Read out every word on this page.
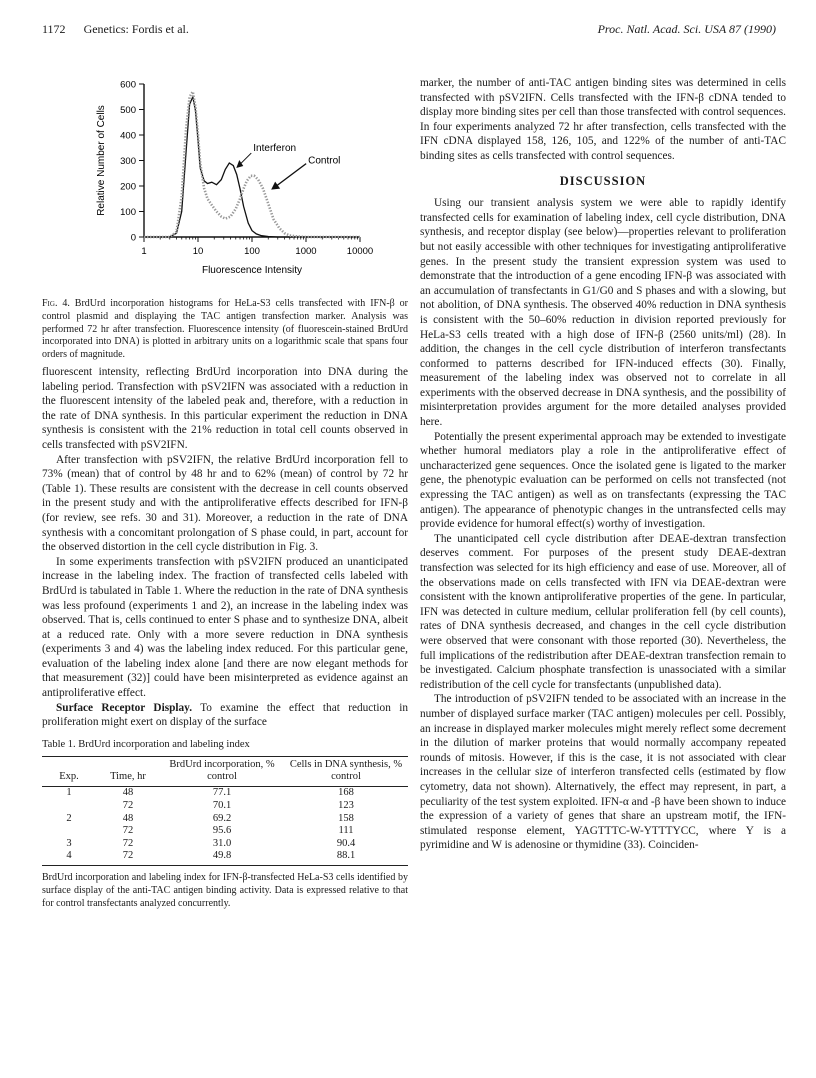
1172 Genetics: Fordis et al.	Proc. Natl. Acad. Sci. USA 87 (1990)
0
100
200
300
400
500
600
1	10	100	1000	10000
Fluorescence Intensity
Relative Number of Cells	Interferon
Control
Fig. 4. BrdUrd incorporation histograms for HeLa-S3 cells transfected with IFN-β or control plasmid and displaying the TAC antigen transfection marker. Analysis was performed 72 hr after transfection. Fluorescence intensity (of fluorescein-stained BrdUrd incorporated into DNA) is plotted in arbitrary units on a logarithmic scale that spans four orders of magnitude.

fluorescent intensity, reflecting BrdUrd incorporation into DNA during the labeling period. Transfection with pSV2IFN was associated with a reduction in the fluorescent intensity of the labeled peak and, therefore, with a reduction in the rate of DNA synthesis. In this particular experiment the reduction in DNA synthesis is consistent with the 21% reduction in total cell counts observed in cells transfected with pSV2IFN.

After transfection with pSV2IFN, the relative BrdUrd incorporation fell to 73% (mean) that of control by 48 hr and to 62% (mean) of control by 72 hr (Table 1). These results are consistent with the decrease in cell counts observed in the present study and with the antiproliferative effects described for IFN-β (for review, see refs. 30 and 31). Moreover, a reduction in the rate of DNA synthesis with a concomitant prolongation of S phase could, in part, account for the observed distortion in the cell cycle distribution in Fig. 3.

In some experiments transfection with pSV2IFN produced an unanticipated increase in the labeling index. The fraction of transfected cells labeled with BrdUrd is tabulated in Table 1. Where the reduction in the rate of DNA synthesis was less profound (experiments 1 and 2), an increase in the labeling index was observed. That is, cells continued to enter S phase and to synthesize DNA, albeit at a reduced rate. Only with a more severe reduction in DNA synthesis (experiments 3 and 4) was the labeling index reduced. For this particular gene, evaluation of the labeling index alone [and there are now elegant methods for that measurement (32)] could have been misinterpreted as evidence against an antiproliferative effect.

Surface Receptor Display. To examine the effect that reduction in proliferation might exert on display of the surface

Table 1. BrdUrd incorporation and labeling index
Exp.	Time, hr	BrdUrd incorporation, % control	Cells in DNA synthesis, % control
1	48	77.1	168
	72	70.1	123
2	48	69.2	158
	72	95.6	111
3	72	31.0	90.4
4	72	49.8	88.1
BrdUrd incorporation and labeling index for IFN-β-transfected HeLa-S3 cells identified by surface display of the anti-TAC antigen binding activity. Data is expressed relative to that for control transfectants analyzed concurrently.

marker, the number of anti-TAC antigen binding sites was determined in cells transfected with pSV2IFN. Cells transfected with the IFN-β cDNA tended to display more binding sites per cell than those transfected with control sequences. In four experiments analyzed 72 hr after transfection, cells transfected with the IFN cDNA displayed 158, 126, 105, and 122% of the number of anti-TAC binding sites as cells transfected with control sequences.

DISCUSSION

Using our transient analysis system we were able to rapidly identify transfected cells for examination of labeling index, cell cycle distribution, DNA synthesis, and receptor display (see below)—properties relevant to proliferation but not easily accessible with other techniques for investigating antiproliferative genes. In the present study the transient expression system was used to demonstrate that the introduction of a gene encoding IFN-β was associated with an accumulation of transfectants in G1/G0 and S phases and with a slowing, but not abolition, of DNA synthesis. The observed 40% reduction in DNA synthesis is consistent with the 50–60% reduction in division reported previously for HeLa-S3 cells treated with a high dose of IFN-β (2560 units/ml) (28). In addition, the changes in the cell cycle distribution of interferon transfectants conformed to patterns described for IFN-induced effects (30). Finally, measurement of the labeling index was observed not to correlate in all experiments with the observed decrease in DNA synthesis, and the possibility of misinterpretation provides argument for the more detailed analyses provided here.

Potentially the present experimental approach may be extended to investigate whether humoral mediators play a role in the antiproliferative effect of uncharacterized gene sequences. Once the isolated gene is ligated to the marker gene, the phenotypic evaluation can be performed on cells not transfected (not expressing the TAC antigen) as well as on transfectants (expressing the TAC antigen). The appearance of phenotypic changes in the untransfected cells may provide evidence for humoral effect(s) worthy of investigation.

The unanticipated cell cycle distribution after DEAE-dextran transfection deserves comment. For purposes of the present study DEAE-dextran transfection was selected for its high efficiency and ease of use. Moreover, all of the observations made on cells transfected with IFN via DEAE-dextran were consistent with the known antiproliferative properties of the gene. In particular, IFN was detected in culture medium, cellular proliferation fell (by cell counts), rates of DNA synthesis decreased, and changes in the cell cycle distribution were observed that were consonant with those reported (30). Nevertheless, the full implications of the redistribution after DEAE-dextran transfection remain to be investigated. Calcium phosphate transfection is unassociated with a similar redistribution of the cell cycle for transfectants (unpublished data).

The introduction of pSV2IFN tended to be associated with an increase in the number of displayed surface marker (TAC antigen) molecules per cell. Possibly, an increase in displayed marker molecules might merely reflect some decrement in the dilution of marker proteins that would normally accompany repeated rounds of mitosis. However, if this is the case, it is not associated with clear increases in the cellular size of interferon transfected cells (estimated by flow cytometry, data not shown). Alternatively, the effect may represent, in part, a peculiarity of the test system exploited. IFN-α and -β have been shown to induce the expression of a variety of genes that share an upstream motif, the IFN-stimulated response element, YAGTTTC-W-YTTTYCC, where Y is a pyrimidine and W is adenosine or thymidine (33). Coinciden-
